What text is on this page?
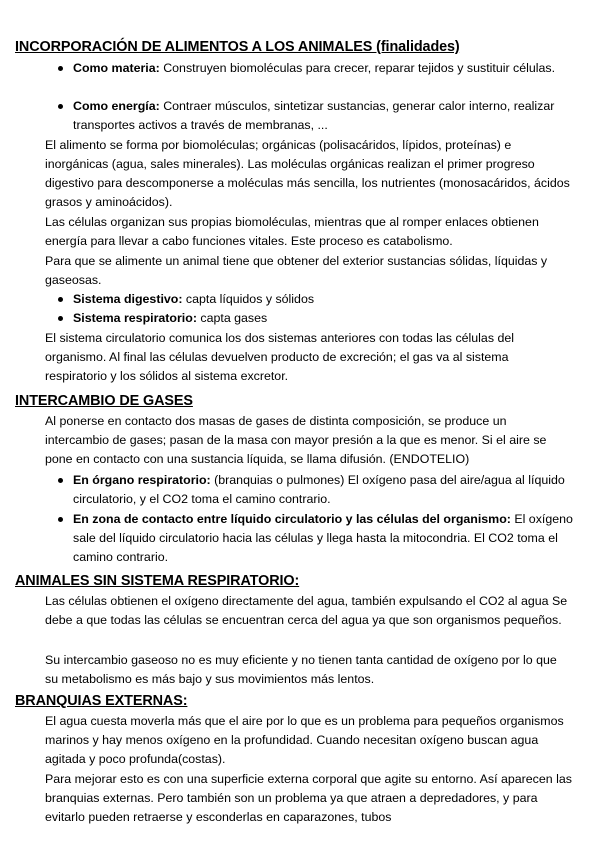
INCORPORACIÓN DE ALIMENTOS A LOS ANIMALES (finalidades)

Como materia: Construyen biomoléculas para crecer, reparar tejidos y sustituir células.

Como energía: Contraer músculos, sintetizar sustancias, generar calor interno, realizar transportes activos a través de membranas, ...

El alimento se forma por biomoléculas; orgánicas (polisacáridos, lípidos, proteínas) e inorgánicas (agua, sales minerales). Las moléculas orgánicas realizan el primer progreso digestivo para descomponerse a moléculas más sencilla, los nutrientes (monosacáridos, ácidos grasos y aminoácidos).

Las células organizan sus propias biomoléculas, mientras que al romper enlaces obtienen energía para llevar a cabo funciones vitales. Este proceso es catabolismo.

Para que se alimente un animal tiene que obtener del exterior sustancias sólidas, líquidas y gaseosas.

Sistema digestivo: capta líquidos y sólidos

Sistema respiratorio: capta gases

El sistema circulatorio comunica los dos sistemas anteriores con todas las células del organismo. Al final las células devuelven producto de excreción; el gas va al sistema respiratorio y los sólidos al sistema excretor.

INTERCAMBIO DE GASES

Al ponerse en contacto dos masas de gases de distinta composición, se produce un intercambio de gases; pasan de la masa con mayor presión a la que es menor. Si el aire se pone en contacto con una sustancia líquida, se llama difusión. (ENDOTELIO)

En órgano respiratorio: (branquias o pulmones) El oxígeno pasa del aire/agua al líquido circulatorio, y el CO2 toma el camino contrario.

En zona de contacto entre líquido circulatorio y las células del organismo: El oxígeno sale del líquido circulatorio hacia las células y llega hasta la mitocondria. El CO2 toma el camino contrario.

ANIMALES SIN SISTEMA RESPIRATORIO:

Las células obtienen el oxígeno directamente del agua, también expulsando el CO2 al agua Se debe a que todas las células se encuentran cerca del agua ya que son organismos pequeños.

Su intercambio gaseoso no es muy eficiente y no tienen tanta cantidad de oxígeno por lo que su metabolismo es más bajo y sus movimientos más lentos.

BRANQUIAS EXTERNAS:

El agua cuesta moverla más que el aire por lo que es un problema para pequeños organismos marinos y hay menos oxígeno en la profundidad. Cuando necesitan oxígeno buscan agua agitada y poco profunda(costas).

Para mejorar esto es con una superficie externa corporal que agite su entorno. Así aparecen las branquias externas. Pero también son un problema ya que atraen a depredadores, y para evitarlo pueden retraerse y esconderlas en caparazones, tubos
